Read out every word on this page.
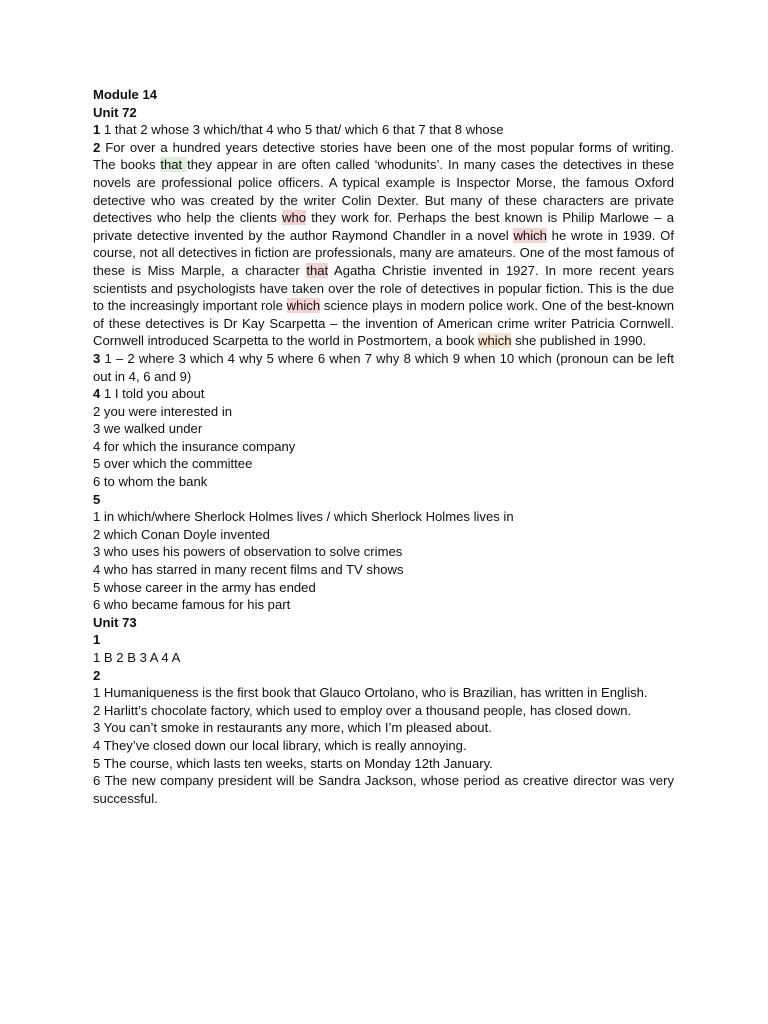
Module 14
Unit 72
1 1 that 2 whose 3 which/that 4 who 5 that/ which 6 that 7 that 8 whose
2 For over a hundred years detective stories have been one of the most popular forms of writing. The books that they appear in are often called ‘whodunits’. In many cases the detectives in these novels are professional police officers. A typical example is Inspector Morse, the famous Oxford detective who was created by the writer Colin Dexter. But many of these characters are private detectives who help the clients who they work for. Perhaps the best known is Philip Marlowe – a private detective invented by the author Raymond Chandler in a novel which he wrote in 1939. Of course, not all detectives in fiction are professionals, many are amateurs. One of the most famous of these is Miss Marple, a character that Agatha Christie invented in 1927. In more recent years scientists and psychologists have taken over the role of detectives in popular fiction. This is the due to the increasingly important role which science plays in modern police work. One of the best-known of these detectives is Dr Kay Scarpetta – the invention of American crime writer Patricia Cornwell. Cornwell introduced Scarpetta to the world in Postmortem, a book which she published in 1990.
3 1 – 2 where 3 which 4 why 5 where 6 when 7 why 8 which 9 when 10 which (pronoun can be left out in 4, 6 and 9)
4 1 I told you about
2 you were interested in
3 we walked under
4 for which the insurance company
5 over which the committee
6 to whom the bank
5
1 in which/where Sherlock Holmes lives / which Sherlock Holmes lives in
2 which Conan Doyle invented
3 who uses his powers of observation to solve crimes
4 who has starred in many recent films and TV shows
5 whose career in the army has ended
6 who became famous for his part
Unit 73
1
1 B 2 B 3 A 4 A
2
1 Humaniqueness is the first book that Glauco Ortolano, who is Brazilian, has written in English.
2 Harlitt’s chocolate factory, which used to employ over a thousand people, has closed down.
3 You can’t smoke in restaurants any more, which I’m pleased about.
4 They’ve closed down our local library, which is really annoying.
5 The course, which lasts ten weeks, starts on Monday 12th January.
6 The new company president will be Sandra Jackson, whose period as creative director was very successful.
